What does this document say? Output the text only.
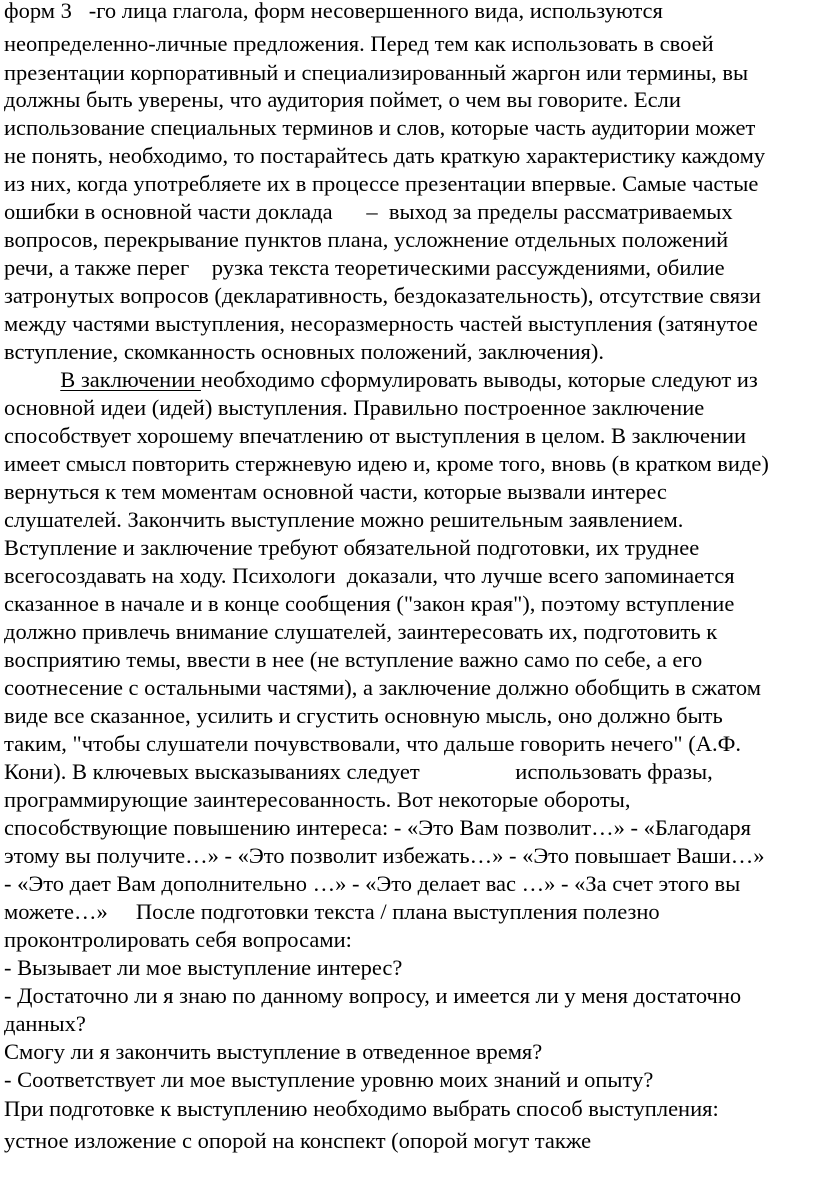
форм 3   -го лица глагола, форм несовершенного вида, используются
неопределенно-личные предложения. Перед тем как использовать в своей
презентации корпоративный и специализированный жаргон или термины, вы
должны быть уверены, что аудитория поймет, о чем вы говорите. Если
использование специальных терминов и слов, которые часть аудитории может
не понять, необходимо, то постарайтесь дать краткую характеристику каждому
из них, когда употребляете их в процессе презентации впервые. Самые частые
ошибки в основной части доклада      –  выход за пределы рассматриваемых
вопросов, перекрывание пунктов плана, усложнение отдельных положений
речи, а также перег    рузка текста теоретическими рассуждениями, обилие
затронутых вопросов (декларативность, бездоказательность), отсутствие связи
между частями выступления, несоразмерность частей выступления (затянутое
вступление, скомканность основных положений, заключения).
В заключении необходимо сформулировать выводы, которые следуют из
основной идеи (идей) выступления. Правильно построенное заключение
способствует хорошему впечатлению от выступления в целом. В заключении
имеет смысл повторить стержневую идею и, кроме того, вновь (в кратком виде)
вернуться к тем моментам основной части, которые вызвали интерес
слушателей. Закончить выступление можно решительным заявлением.
Вступление и заключение требуют обязательной подготовки, их труднее
всегосоздавать на ходу. Психологи  доказали, что лучше всего запоминается
сказанное в начале и в конце сообщения ("закон края"), поэтому вступление
должно привлечь внимание слушателей, заинтересовать их, подготовить к
восприятию темы, ввести в нее (не вступление важно само по себе, а его
соотнесение с остальными частями), а заключение должно обобщить в сжатом
виде все сказанное, усилить и сгустить основную мысль, оно должно быть
таким, "чтобы слушатели почувствовали, что дальше говорить нечего" (А.Ф.
Кони). В ключевых высказываниях следует                 использовать фразы,
программирующие заинтересованность. Вот некоторые обороты,
способствующие повышению интереса: - «Это Вам позволит…» - «Благодаря
этому вы получите…» - «Это позволит избежать…» - «Это повышает Ваши…»
- «Это дает Вам дополнительно …» - «Это делает вас …» - «За счет этого вы
можете…»     После подготовки текста / плана выступления полезно
проконтролировать себя вопросами:
- Вызывает ли мое выступление интерес?
- Достаточно ли я знаю по данному вопросу, и имеется ли у меня достаточно
данных?
Смогу ли я закончить выступление в отведенное время?
- Соответствует ли мое выступление уровню моих знаний и опыту?
При подготовке к выступлению необходимо выбрать способ выступления:
устное изложение с опорой на конспект (опорой могут также
